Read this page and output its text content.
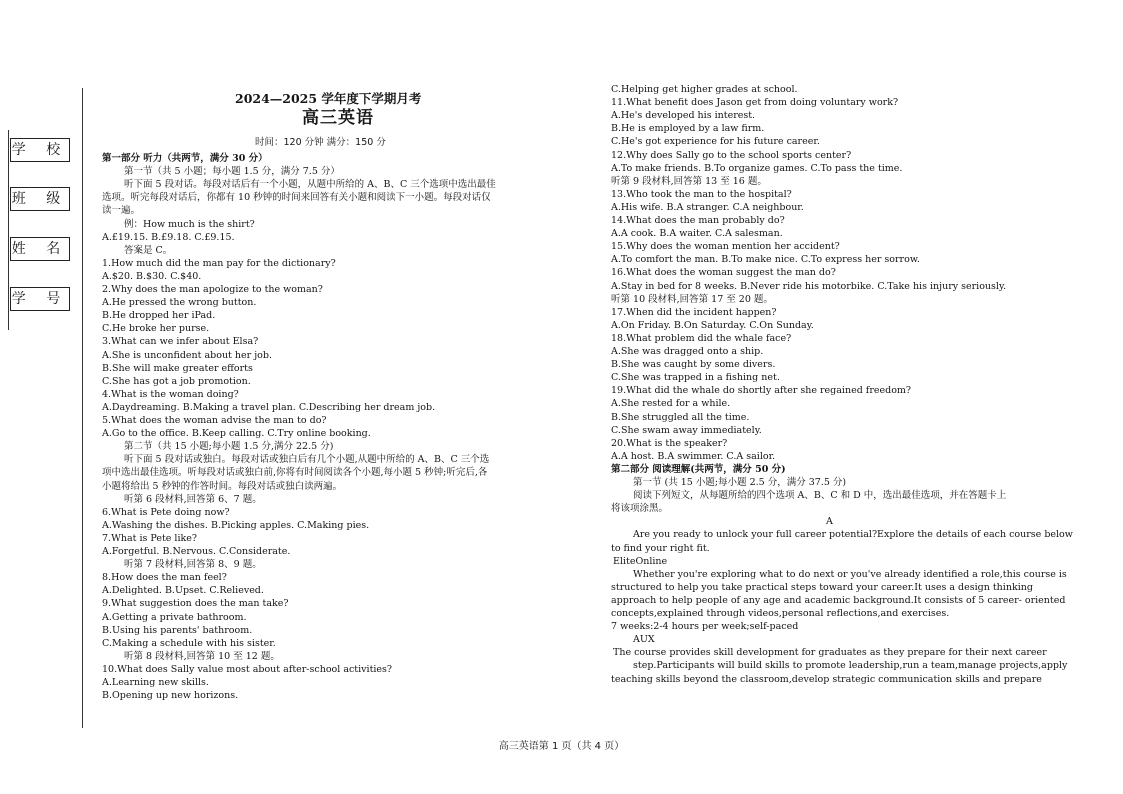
学 校
班 级
姓 名
学 号
2024—2025 学年度下学期月考
高三英语
时间：120 分钟 满分：150 分
第一部分 听力（共两节，满分 30 分）
第一节（共 5 小题；每小题 1.5 分，满分 7.5 分）
听下面 5 段对话。每段对话后有一个小题，从题中所给的 A、B、C 三个选项中选出最佳
选项。听完每段对话后，你都有 10 秒钟的时间来回答有关小题和阅读下一小题。每段对话仅
读一遍。
例：How much is the shirt?
A.£19.15. B.£9.18. C.£9.15.
答案是 C。
1.How much did the man pay for the dictionary?
A.$20. B.$30. C.$40.
2.Why does the man apologize to the woman?
A.He pressed the wrong button.
B.He dropped her iPad.
C.He broke her purse.
3.What can we infer about Elsa?
A.She is unconfident about her job.
B.She will make greater efforts
C.She has got a job promotion.
4.What is the woman doing?
A.Daydreaming. B.Making a travel plan. C.Describing her dream job.
5.What does the woman advise the man to do?
A.Go to the office. B.Keep calling. C.Try online booking.
第二节（共 15 小题;每小题 1.5 分,满分 22.5 分)
听下面 5 段对话或独白。每段对话或独白后有几个小题,从题中所给的 A、B、C 三个选
项中选出最佳选项。听每段对话或独白前,你将有时间阅读各个小题,每小题 5 秒钟;听完后,各
小题将给出 5 秒钟的作答时间。每段对话或独白读两遍。
听第 6 段材料,回答第 6、7 题。
6.What is Pete doing now?
A.Washing the dishes. B.Picking apples. C.Making pies.
7.What is Pete like?
A.Forgetful. B.Nervous. C.Considerate.
听第 7 段材料,回答第 8、9 题。
8.How does the man feel?
A.Delighted. B.Upset. C.Relieved.
9.What suggestion does the man take?
A.Getting a private bathroom.
B.Using his parents' bathroom.
C.Making a schedule with his sister.
听第 8 段材料,回答第 10 至 12 题。
10.What does Sally value most about after-school activities?
A.Learning new skills.
B.Opening up new horizons.
C.Helping get higher grades at school.
11.What benefit does Jason get from doing voluntary work?
A.He's developed his interest.
B.He is employed by a law firm.
C.He's got experience for his future career.
12.Why does Sally go to the school sports center?
A.To make friends. B.To organize games. C.To pass the time.
听第 9 段材料,回答第 13 至 16 题。
13.Who took the man to the hospital?
A.His wife. B.A stranger. C.A neighbour.
14.What does the man probably do?
A.A cook. B.A waiter. C.A salesman.
15.Why does the woman mention her accident?
A.To comfort the man. B.To make nice. C.To express her sorrow.
16.What does the woman suggest the man do?
A.Stay in bed for 8 weeks. B.Never ride his motorbike. C.Take his injury seriously.
听第 10 段材料,回答第 17 至 20 题。
17.When did the incident happen?
A.On Friday. B.On Saturday. C.On Sunday.
18.What problem did the whale face?
A.She was dragged onto a ship.
B.She was caught by some divers.
C.She was trapped in a fishing net.
19.What did the whale do shortly after she regained freedom?
A.She rested for a while.
B.She struggled all the time.
C.She swam away immediately.
20.What is the speaker?
A.A host. B.A swimmer. C.A sailor.
第二部分 阅读理解(共两节，满分 50 分)
第一节 (共 15 小题;每小题 2.5 分，满分 37.5 分)
阅读下列短文，从每题所给的四个选项 A、B、C 和 D 中，选出最佳选项，并在答题卡上
将该项涂黑。
A
Are you ready to unlock your full career potential?Explore the details of each course below
to find your right fit.
EliteOnline
Whether you're exploring what to do next or you've already identified a role,this course is
structured to help you take practical steps toward your career.It uses a design thinking
approach to help people of any age and academic background.It consists of 5 career- oriented
concepts,explained through videos,personal reflections,and exercises.
7 weeks:2-4 hours per week;self-paced
AUX
The course provides skill development for graduates as they prepare for their next career
step.Participants will build skills to promote leadership,run a team,manage projects,apply
teaching skills beyond the classroom,develop strategic communication skills and prepare
高三英语第 1 页（共 4 页）
